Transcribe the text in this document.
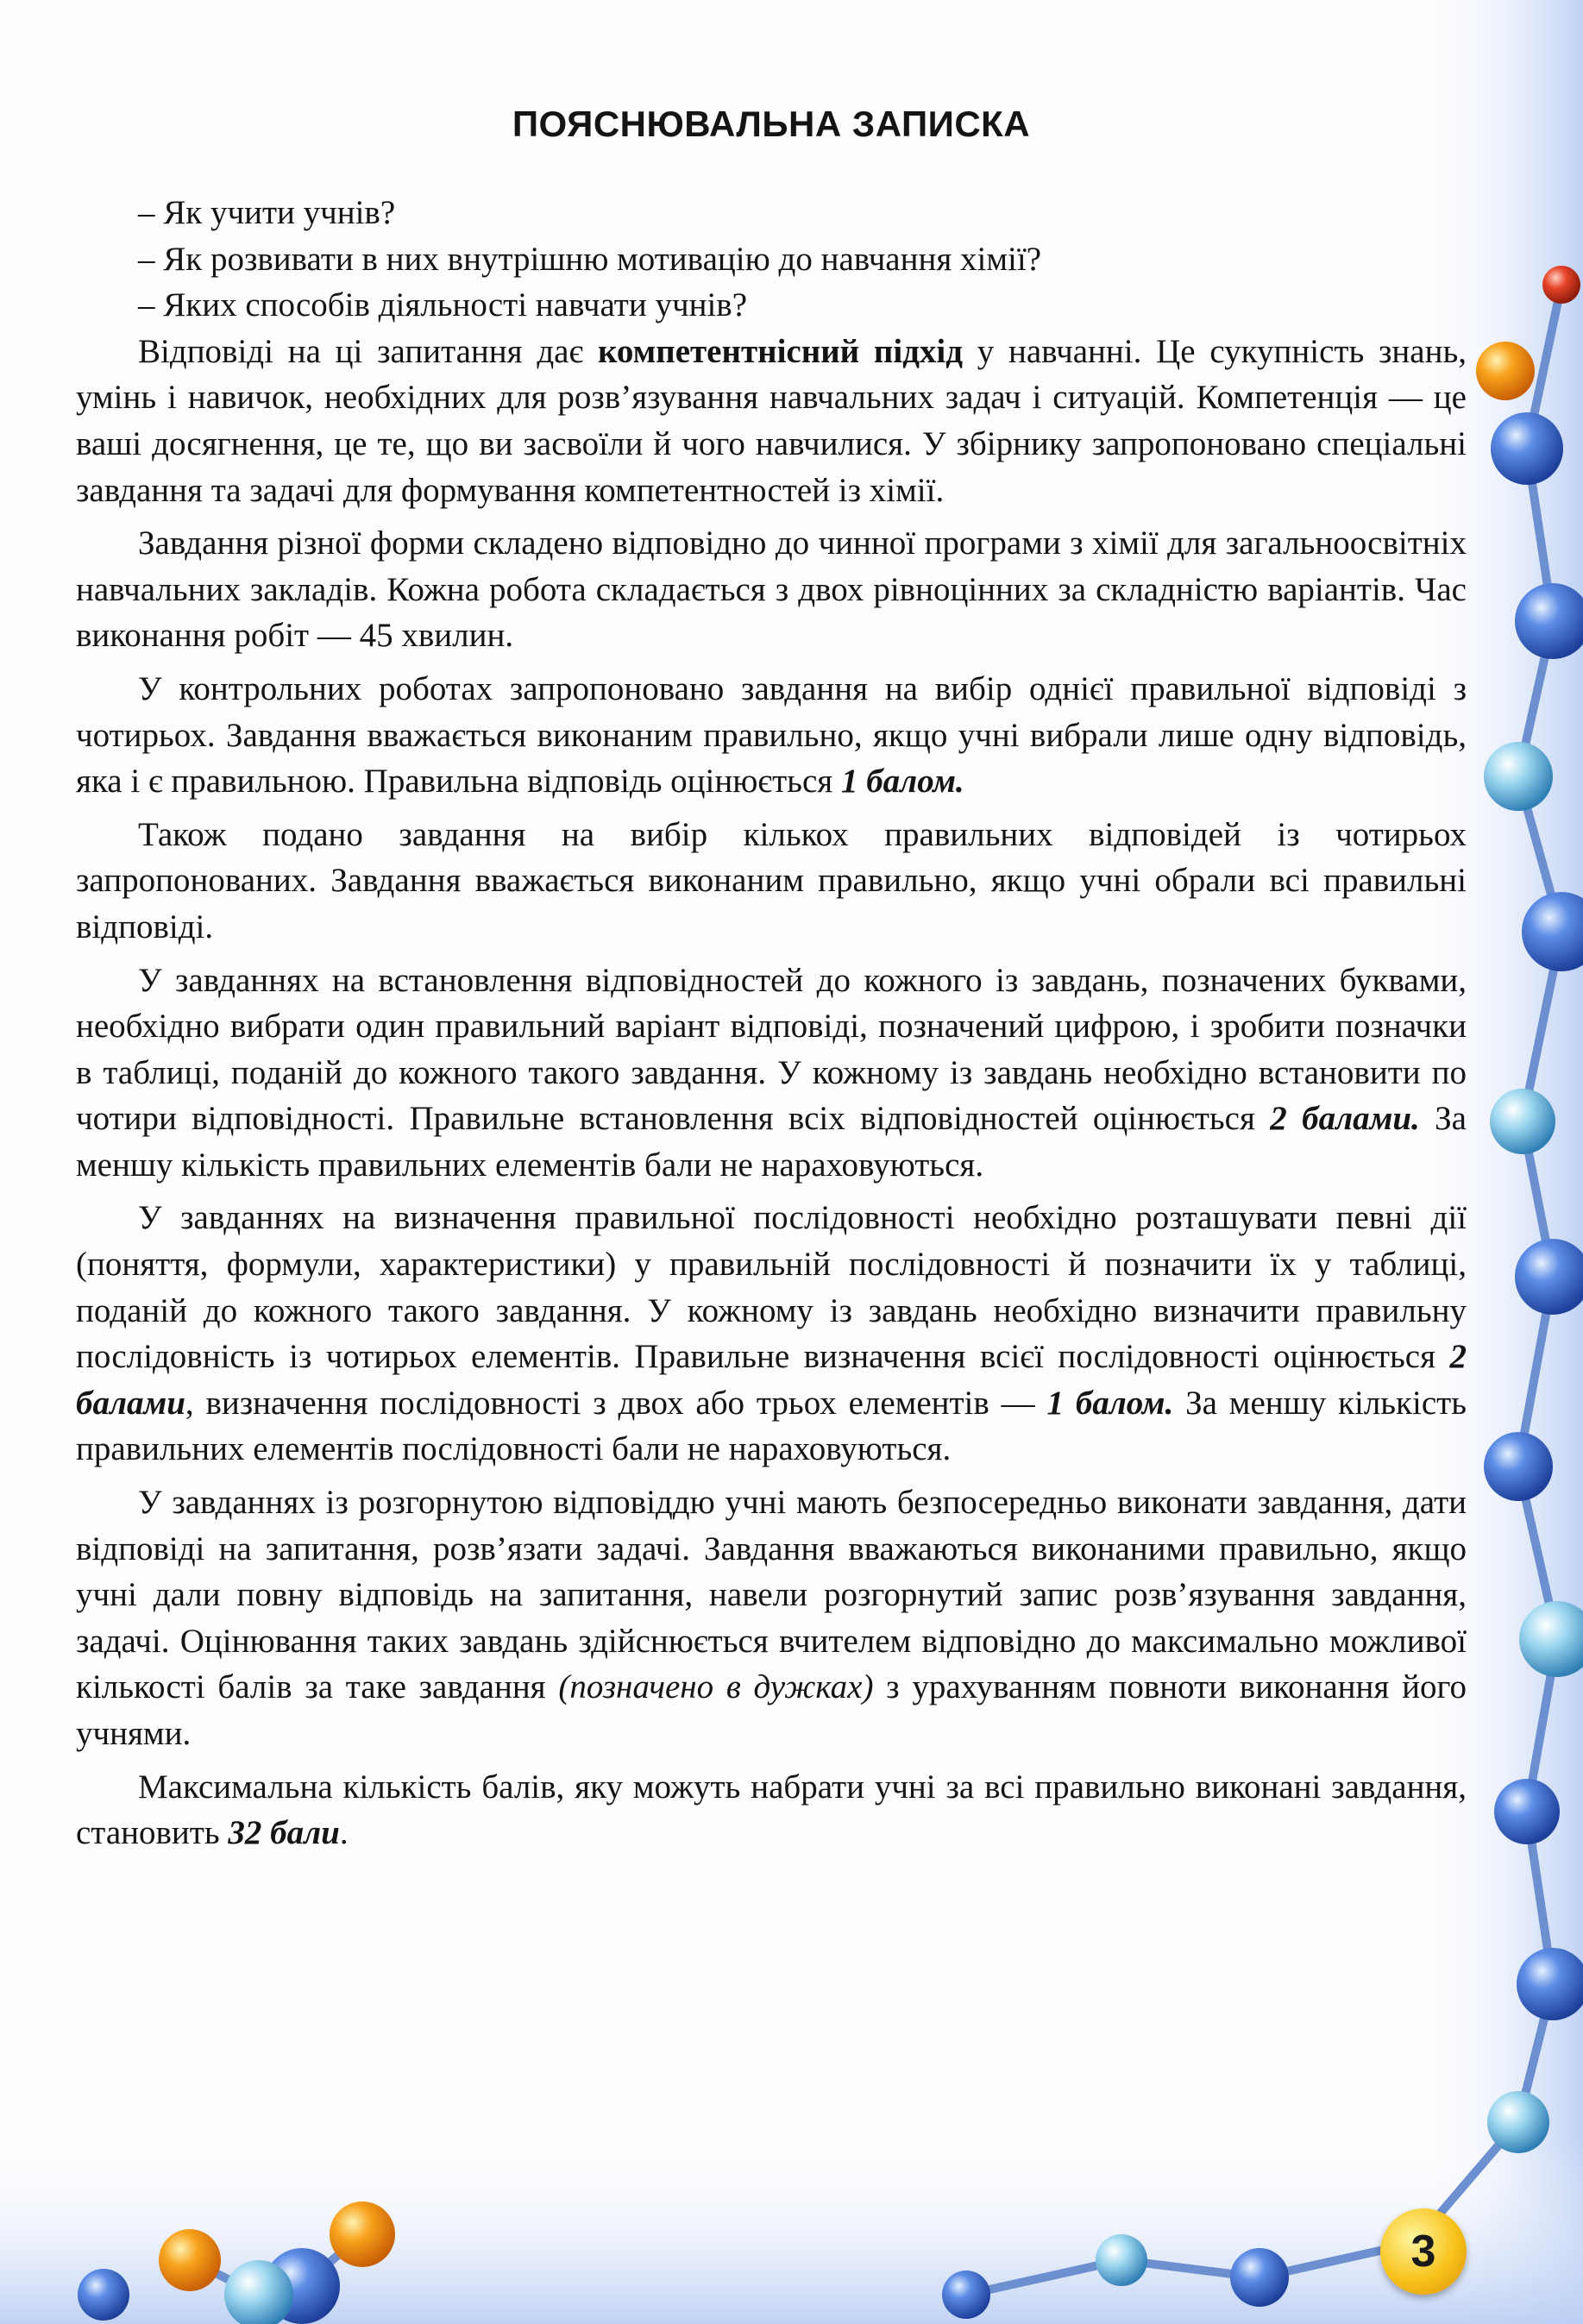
ПОЯСНЮВАЛЬНА ЗАПИСКА

– Як учити учнів?

– Як розвивати в них внутрішню мотивацію до навчання хімії?

– Яких способів діяльності навчати учнів?

Відповіді на ці запитання дає компетентнісний підхід у навчанні. Це сукупність знань, умінь і навичок, необхідних для розв’язування навчальних задач і ситуацій. Компетенція — це ваші досягнення, це те, що ви засвоїли й чого навчилися. У збірнику запропоновано спеціальні завдання та задачі для формування компетентностей із хімії.

Завдання різної форми складено відповідно до чинної програми з хімії для загальноосвітніх навчальних закладів. Кожна робота складається з двох рівноцінних за складністю варіантів. Час виконання робіт — 45 хвилин.

У контрольних роботах запропоновано завдання на вибір однієї правильної відповіді з чотирьох. Завдання вважається виконаним правильно, якщо учні вибрали лише одну відповідь, яка і є правильною. Правильна відповідь оцінюється 1 балом.

Також подано завдання на вибір кількох правильних відповідей із чотирьох запропонованих. Завдання вважається виконаним правильно, якщо учні обрали всі правильні відповіді.

У завданнях на встановлення відповідностей до кожного із завдань, позначених буквами, необхідно вибрати один правильний варіант відповіді, позначений цифрою, і зробити позначки в таблиці, поданій до кожного такого завдання. У кожному із завдань необхідно встановити по чотири відповідності. Правильне встановлення всіх відповідностей оцінюється 2 балами. За меншу кількість правильних елементів бали не нараховуються.

У завданнях на визначення правильної послідовності необхідно розташувати певні дії (поняття, формули, характеристики) у правильній послідовності й позначити їх у таблиці, поданій до кожного такого завдання. У кожному із завдань необхідно визначити правильну послідовність із чотирьох елементів. Правильне визначення всієї послідовності оцінюється 2 балами, визначення послідовності з двох або трьох елементів — 1 балом. За меншу кількість правильних елементів послідовності бали не нараховуються.

У завданнях із розгорнутою відповіддю учні мають безпосередньо виконати завдання, дати відповіді на запитання, розв’язати задачі. Завдання вважаються виконаними правильно, якщо учні дали повну відповідь на запитання, навели розгорнутий запис розв’язування завдання, задачі. Оцінювання таких завдань здійснюється вчителем відповідно до максимально можливої кількості балів за таке завдання (позначено в дужках) з урахуванням повноти виконання його учнями.

Максимальна кількість балів, яку можуть набрати учні за всі правильно виконані завдання, становить 32 бали.

3
